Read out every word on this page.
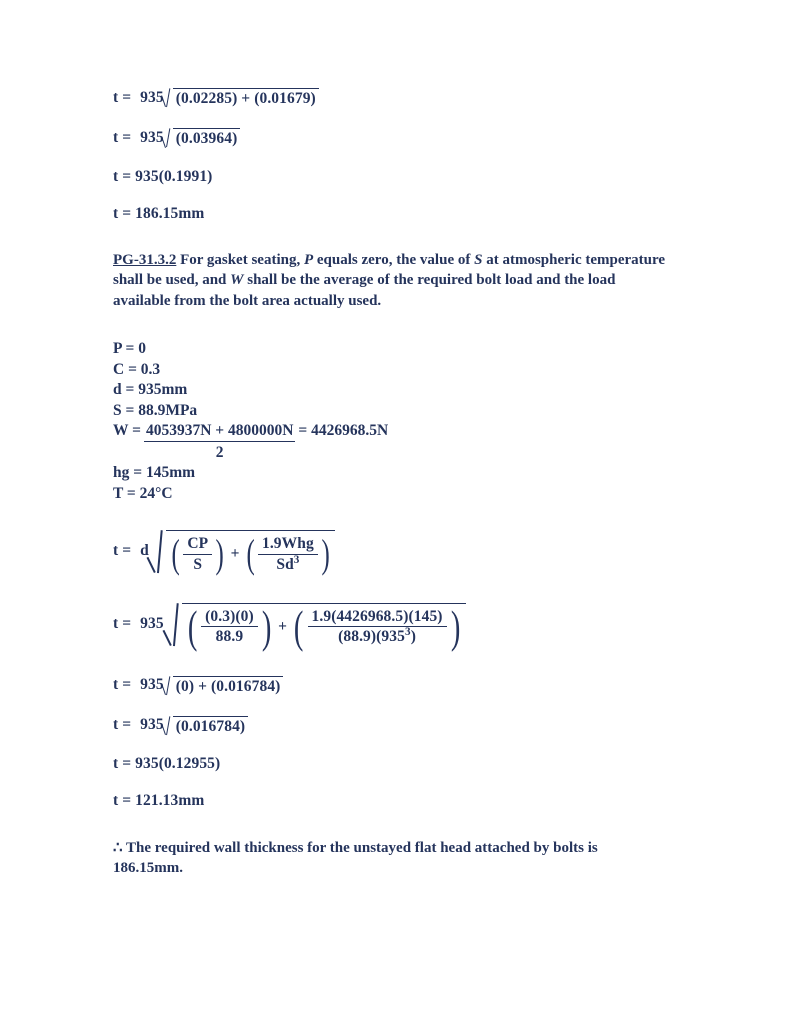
t = 935 (0.02285) + (0.01679)
t = 935 (0.03964)
t = 935(0.1991)
t = 186.15mm

PG-31.3.2 For gasket seating, P equals zero, the value of S at atmospheric temperature shall be used, and W shall be the average of the required bolt load and the load available from the bolt area actually used.

P = 0
C = 0.3
d = 935mm
S = 88.9MPa
$W = \frac{4053937N + 4800000N}{2} = 4426968.5N$
hg = 145mm
T = 24°C
t = d ( $\frac{CP}{S}$ ) + ( $\frac{\text{1.9Whg}}{Sd^3}$ )
t = 935 ( $\frac{(0.3)(0)}{88.9}$ ) + ( $\frac{1.9(4426968.5)(145)}{(88.9)(935^3)}$ )
t = 935 (0) + (0.016784)
t = 935 (0.016784)
t = 935(0.12955)
t = 121.13mm

∴ The required wall thickness for the unstayed flat head attached by bolts is 186.15mm.
